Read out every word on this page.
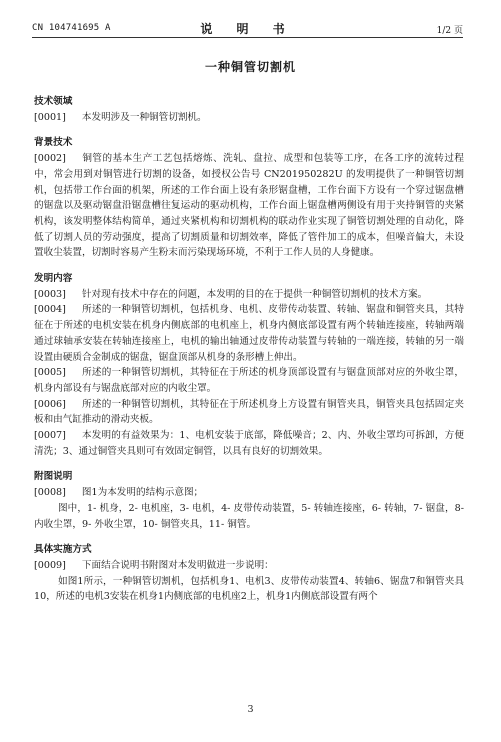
CN 104741695 A	说 明 书	1/2 页
一种铜管切割机
技术领域
[0001] 本发明涉及一种铜管切割机。
背景技术
[0002] 铜管的基本生产工艺包括熔炼、洗轧、盘拉、成型和包装等工序，在各工序的流转过程中，常会用到对铜管进行切割的设备，如授权公告号 CN201950282U 的发明提供了一种铜管切割机，包括带工作台面的机架，所述的工作台面上设有条形锯盘槽，工作台面下方设有一个穿过锯盘槽的锯盘以及驱动锯盘沿锯盘槽往复运动的驱动机构，工作台面上锯盘槽两侧设有用于夹持铜管的夹紧机构，该发明整体结构简单，通过夹紧机构和切割机构的联动作业实现了铜管切割处理的自动化，降低了切割人员的劳动强度，提高了切割质量和切割效率，降低了管件加工的成本，但噪音偏大，未设置收尘装置，切割时容易产生粉末而污染现场环境，不利于工作人员的人身健康。
发明内容
[0003] 针对现有技术中存在的问题，本发明的目的在于提供一种铜管切割机的技术方案。
[0004] 所述的一种铜管切割机，包括机身、电机、皮带传动装置、转轴、锯盘和铜管夹具，其特征在于所述的电机安装在机身内侧底部的电机座上，机身内侧底部设置有两个转轴连接座，转轴两端通过球轴承安装在转轴连接座上，电机的输出轴通过皮带传动装置与转轴的一端连接，转轴的另一端设置由硬质合金制成的锯盘，锯盘顶部从机身的条形槽上伸出。
[0005] 所述的一种铜管切割机，其特征在于所述的机身顶部设置有与锯盘顶部对应的外收尘罩，机身内部设有与锯盘底部对应的内收尘罩。
[0006] 所述的一种铜管切割机，其特征在于所述机身上方设置有铜管夹具，铜管夹具包括固定夹板和由气缸推动的滑动夹板。
[0007] 本发明的有益效果为：1、电机安装于底部，降低噪音；2、内、外收尘罩均可拆卸，方便清洗；3、通过铜管夹具则可有效固定铜管，以具有良好的切割效果。
附图说明
[0008] 图1为本发明的结构示意图；
图中，1- 机身，2- 电机座，3- 电机，4- 皮带传动装置，5- 转轴连接座，6- 转轴，7- 锯盘，8- 内收尘罩，9- 外收尘罩，10- 铜管夹具，11- 铜管。
具体实施方式
[0009] 下面结合说明书附图对本发明做进一步说明：
如图1所示，一种铜管切割机，包括机身1、电机3、皮带传动装置4、转轴6、锯盘7和铜管夹具10，所述的电机3安装在机身1内侧底部的电机座2上，机身1内侧底部设置有两个
3
